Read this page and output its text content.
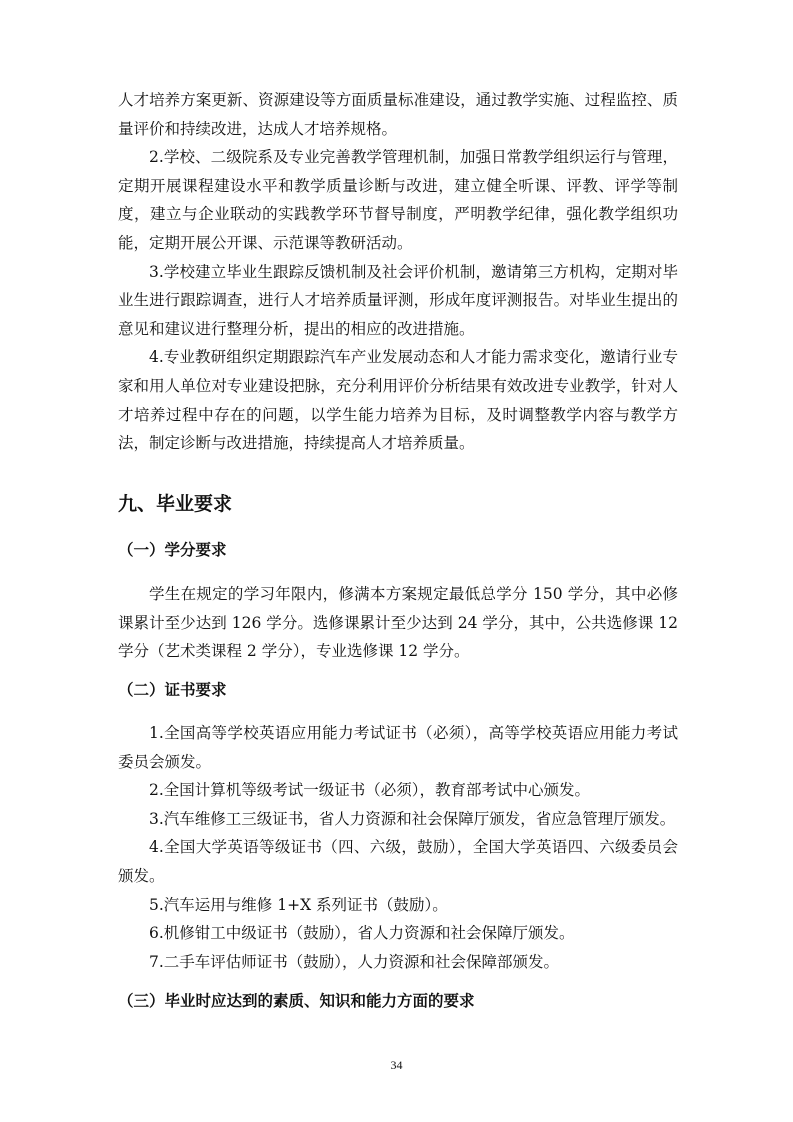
人才培养方案更新、资源建设等方面质量标准建设，通过教学实施、过程监控、质量评价和持续改进，达成人才培养规格。

2.学校、二级院系及专业完善教学管理机制，加强日常教学组织运行与管理，定期开展课程建设水平和教学质量诊断与改进，建立健全听课、评教、评学等制度，建立与企业联动的实践教学环节督导制度，严明教学纪律，强化教学组织功能，定期开展公开课、示范课等教研活动。

3.学校建立毕业生跟踪反馈机制及社会评价机制，邀请第三方机构，定期对毕业生进行跟踪调查，进行人才培养质量评测，形成年度评测报告。对毕业生提出的意见和建议进行整理分析，提出的相应的改进措施。

4.专业教研组织定期跟踪汽车产业发展动态和人才能力需求变化，邀请行业专家和用人单位对专业建设把脉，充分利用评价分析结果有效改进专业教学，针对人才培养过程中存在的问题，以学生能力培养为目标，及时调整教学内容与教学方法，制定诊断与改进措施，持续提高人才培养质量。

九、毕业要求
（一）学分要求

学生在规定的学习年限内，修满本方案规定最低总学分 150 学分，其中必修课累计至少达到 126 学分。选修课累计至少达到 24 学分，其中，公共选修课 12 学分（艺术类课程 2 学分），专业选修课 12 学分。

（二）证书要求

1.全国高等学校英语应用能力考试证书（必须），高等学校英语应用能力考试委员会颁发。

2.全国计算机等级考试一级证书（必须），教育部考试中心颁发。

3.汽车维修工三级证书，省人力资源和社会保障厅颁发，省应急管理厅颁发。

4.全国大学英语等级证书（四、六级，鼓励），全国大学英语四、六级委员会颁发。

5.汽车运用与维修 1+X 系列证书（鼓励）。

6.机修钳工中级证书（鼓励），省人力资源和社会保障厅颁发。

7.二手车评估师证书（鼓励），人力资源和社会保障部颁发。

（三）毕业时应达到的素质、知识和能力方面的要求
34
